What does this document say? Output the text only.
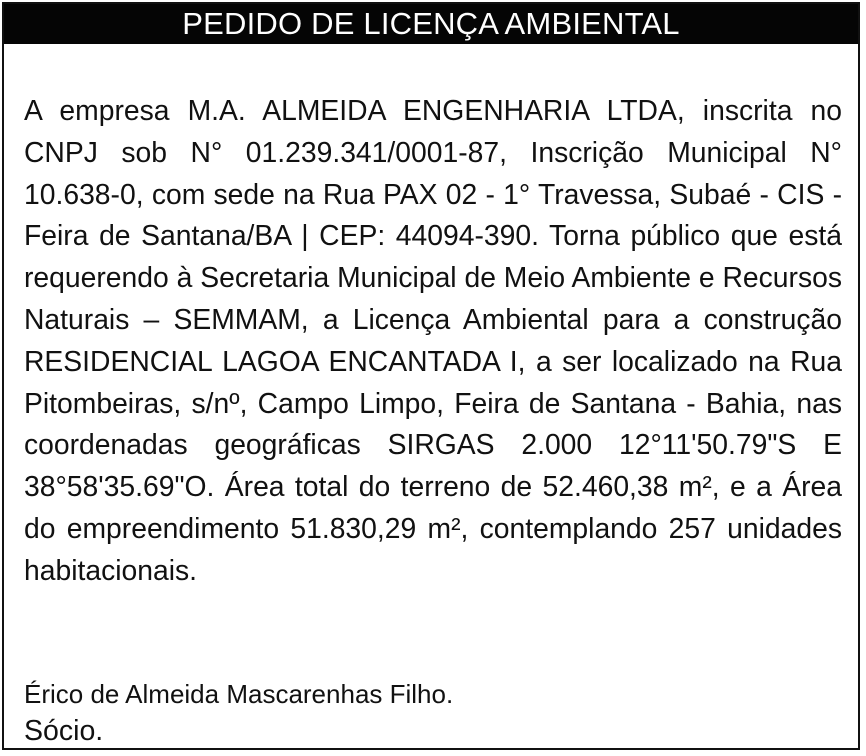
PEDIDO DE LICENÇA AMBIENTAL

A empresa M.A. ALMEIDA ENGENHARIA LTDA, inscrita no CNPJ sob N° 01.239.341/0001-87, Inscrição Municipal N° 10.638-0, com sede na Rua PAX 02 - 1° Travessa, Subaé - CIS - Feira de Santana/BA | CEP: 44094-390. Torna público que está requerendo à Secretaria Municipal de Meio Ambiente e Recursos Naturais – SEMMAM, a Licença Ambiental para a construção RESIDENCIAL LAGOA ENCANTADA I, a ser localizado na Rua Pitombeiras, s/nº, Campo Limpo, Feira de Santana - Bahia, nas coordenadas geográficas SIRGAS 2.000 12°11'50.79"S E 38°58'35.69"O. Área total do terreno de 52.460,38 m², e a Área do empreendimento 51.830,29 m², contemplando 257 unidades habitacionais.

Érico de Almeida Mascarenhas Filho.
Sócio.
